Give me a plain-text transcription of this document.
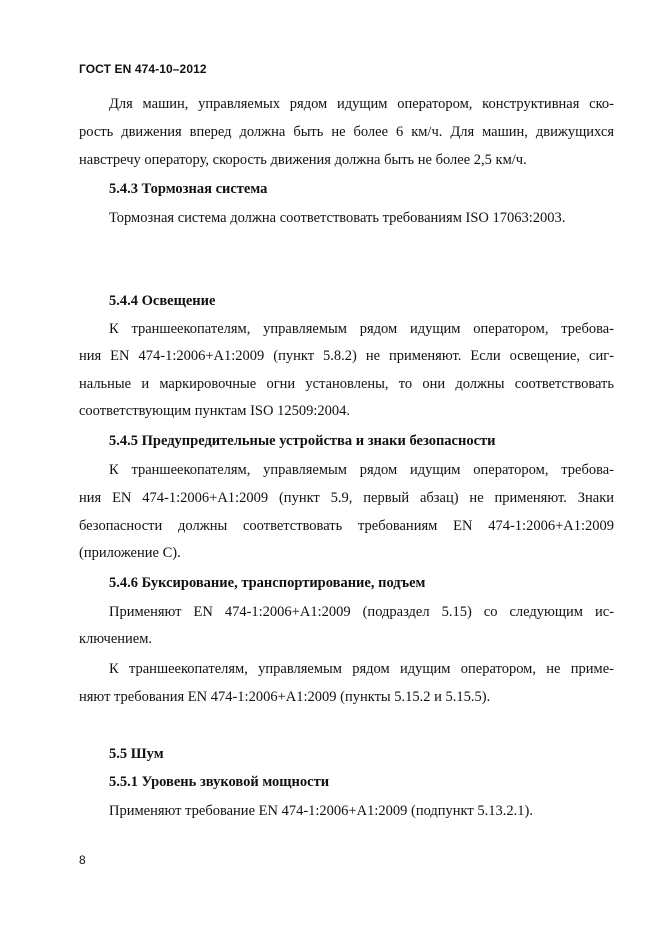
ГОСТ EN 474-10–2012
Для машин, управляемых рядом идущим оператором, конструктивная ско-
рость движения вперед должна быть не более 6 км/ч. Для машин, движущихся
навстречу оператору, скорость движения должна быть не более 2,5 км/ч.
5.4.3 Тормозная система
Тормозная система должна соответствовать требованиям ISO 17063:2003.
5.4.4 Освещение
К траншеекопателям, управляемым рядом идущим оператором, требова-
ния EN 474-1:2006+A1:2009 (пункт 5.8.2) не применяют. Если освещение, сиг-
нальные и маркировочные огни установлены, то они должны соответствовать
соответствующим пунктам ISO 12509:2004.
5.4.5 Предупредительные устройства и знаки безопасности
К траншеекопателям, управляемым рядом идущим оператором, требова-
ния EN 474-1:2006+A1:2009 (пункт 5.9, первый абзац) не применяют. Знаки
безопасности должны соответствовать требованиям EN 474-1:2006+A1:2009
(приложение С).
5.4.6 Буксирование, транспортирование, подъем
Применяют EN 474-1:2006+A1:2009 (подраздел 5.15) со следующим ис-
ключением.
К траншеекопателям, управляемым рядом идущим оператором, не приме-
няют требования EN 474-1:2006+A1:2009 (пункты 5.15.2 и 5.15.5).
5.5 Шум
5.5.1 Уровень звуковой мощности
Применяют требование EN 474-1:2006+A1:2009 (подпункт 5.13.2.1).
8
